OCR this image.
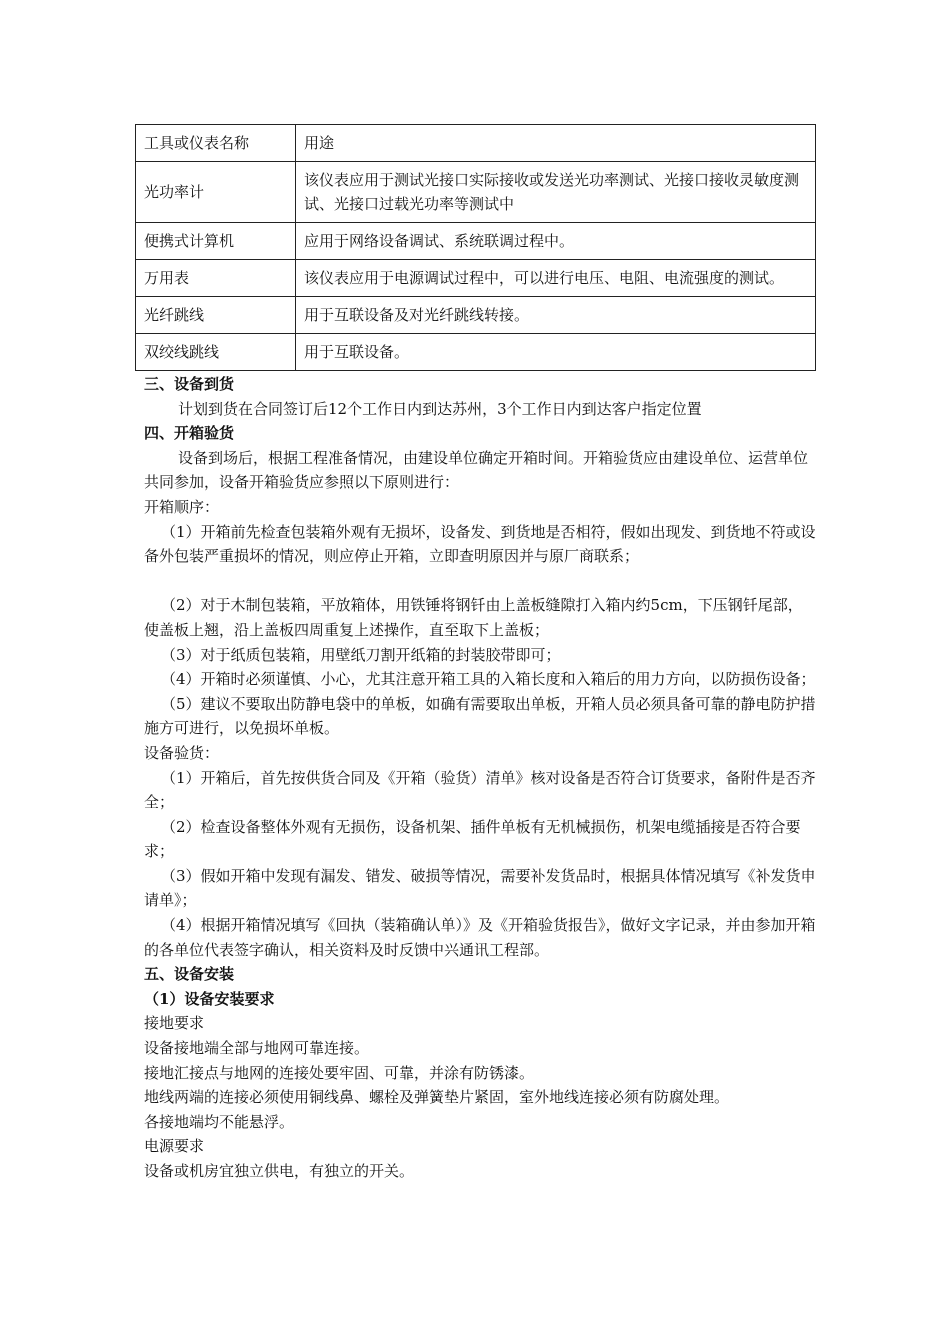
工具或仪表名称	用途
光功率计	该仪表应用于测试光接口实际接收或发送光功率测试、光接口接收灵敏度测试、光接口过载光功率等测试中
便携式计算机	应用于网络设备调试、系统联调过程中。
万用表	该仪表应用于电源调试过程中，可以进行电压、电阻、电流强度的测试。
光纤跳线	用于互联设备及对光纤跳线转接。
双绞线跳线	用于互联设备。

三、设备到货

计划到货在合同签订后12个工作日内到达苏州，3个工作日内到达客户指定位置

四、开箱验货

设备到场后，根据工程准备情况，由建设单位确定开箱时间。开箱验货应由建设单位、运营单位共同参加，设备开箱验货应参照以下原则进行：

开箱顺序：

（1）开箱前先检查包装箱外观有无损坏，设备发、到货地是否相符，假如出现发、到货地不符或设备外包装严重损坏的情况，则应停止开箱，立即查明原因并与原厂商联系；

（2）对于木制包装箱，平放箱体，用铁锤将钢钎由上盖板缝隙打入箱内约5cm，下压钢钎尾部，使盖板上翘，沿上盖板四周重复上述操作，直至取下上盖板；

（3）对于纸质包装箱，用壁纸刀割开纸箱的封装胶带即可；

（4）开箱时必须谨慎、小心，尤其注意开箱工具的入箱长度和入箱后的用力方向，以防损伤设备；

（5）建议不要取出防静电袋中的单板，如确有需要取出单板，开箱人员必须具备可靠的静电防护措施方可进行，以免损坏单板。

设备验货：

（1）开箱后，首先按供货合同及《开箱（验货）清单》核对设备是否符合订货要求，备附件是否齐全；

（2）检查设备整体外观有无损伤，设备机架、插件单板有无机械损伤，机架电缆插接是否符合要求；

（3）假如开箱中发现有漏发、错发、破损等情况，需要补发货品时，根据具体情况填写《补发货申请单》；

（4）根据开箱情况填写《回执（装箱确认单）》及《开箱验货报告》，做好文字记录，并由参加开箱的各单位代表签字确认，相关资料及时反馈中兴通讯工程部。

五、设备安装

（1）设备安装要求

接地要求

设备接地端全部与地网可靠连接。

接地汇接点与地网的连接处要牢固、可靠，并涂有防锈漆。

地线两端的连接必须使用铜线鼻、螺栓及弹簧垫片紧固，室外地线连接必须有防腐处理。

各接地端均不能悬浮。

电源要求

设备或机房宜独立供电，有独立的开关。
